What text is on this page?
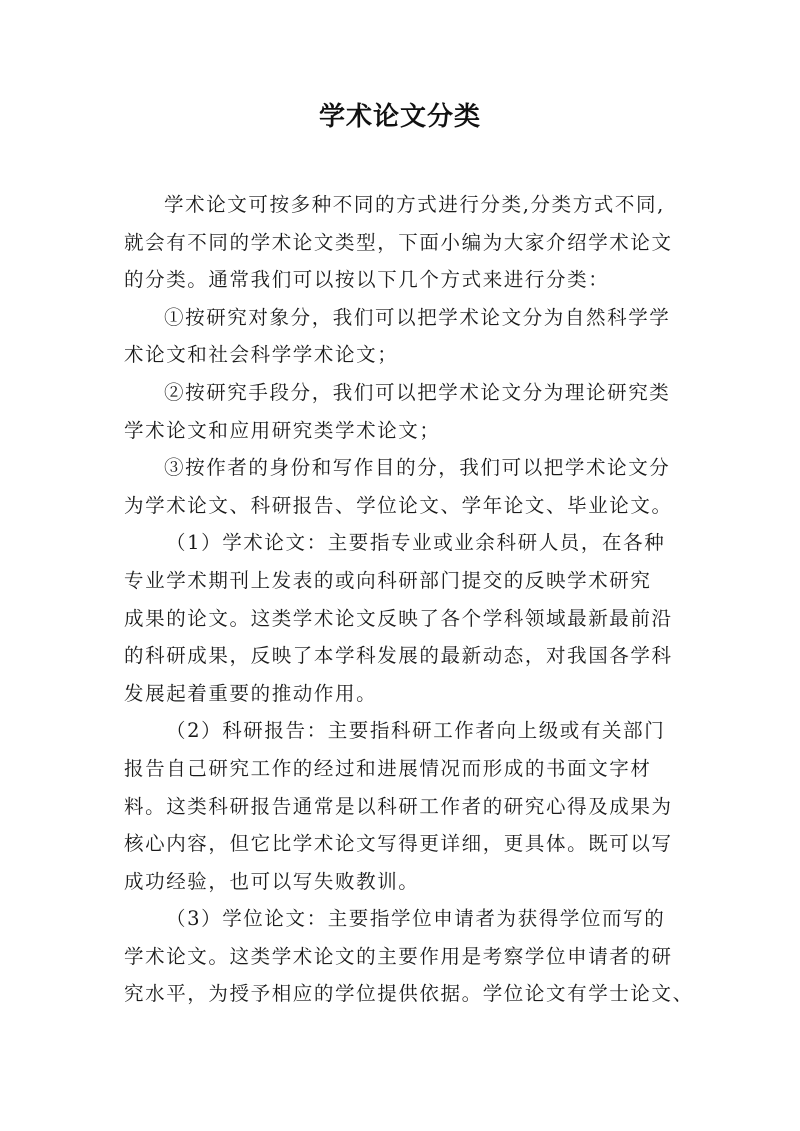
学术论文分类

学术论文可按多种不同的方式进行分类,分类方式不同,
就会有不同的学术论文类型，下面小编为大家介绍学术论文
的分类。通常我们可以按以下几个方式来进行分类：

①按研究对象分，我们可以把学术论文分为自然科学学
术论文和社会科学学术论文；

②按研究手段分，我们可以把学术论文分为理论研究类
学术论文和应用研究类学术论文；

③按作者的身份和写作目的分，我们可以把学术论文分
为学术论文、科研报告、学位论文、学年论文、毕业论文。

（1）学术论文：主要指专业或业余科研人员，在各种
专业学术期刊上发表的或向科研部门提交的反映学术研究
成果的论文。这类学术论文反映了各个学科领域最新最前沿
的科研成果，反映了本学科发展的最新动态，对我国各学科
发展起着重要的推动作用。

（2）科研报告：主要指科研工作者向上级或有关部门
报告自己研究工作的经过和进展情况而形成的书面文字材
料。这类科研报告通常是以科研工作者的研究心得及成果为
核心内容，但它比学术论文写得更详细，更具体。既可以写
成功经验，也可以写失败教训。

（3）学位论文：主要指学位申请者为获得学位而写的
学术论文。这类学术论文的主要作用是考察学位申请者的研
究水平，为授予相应的学位提供依据。学位论文有学士论文、
